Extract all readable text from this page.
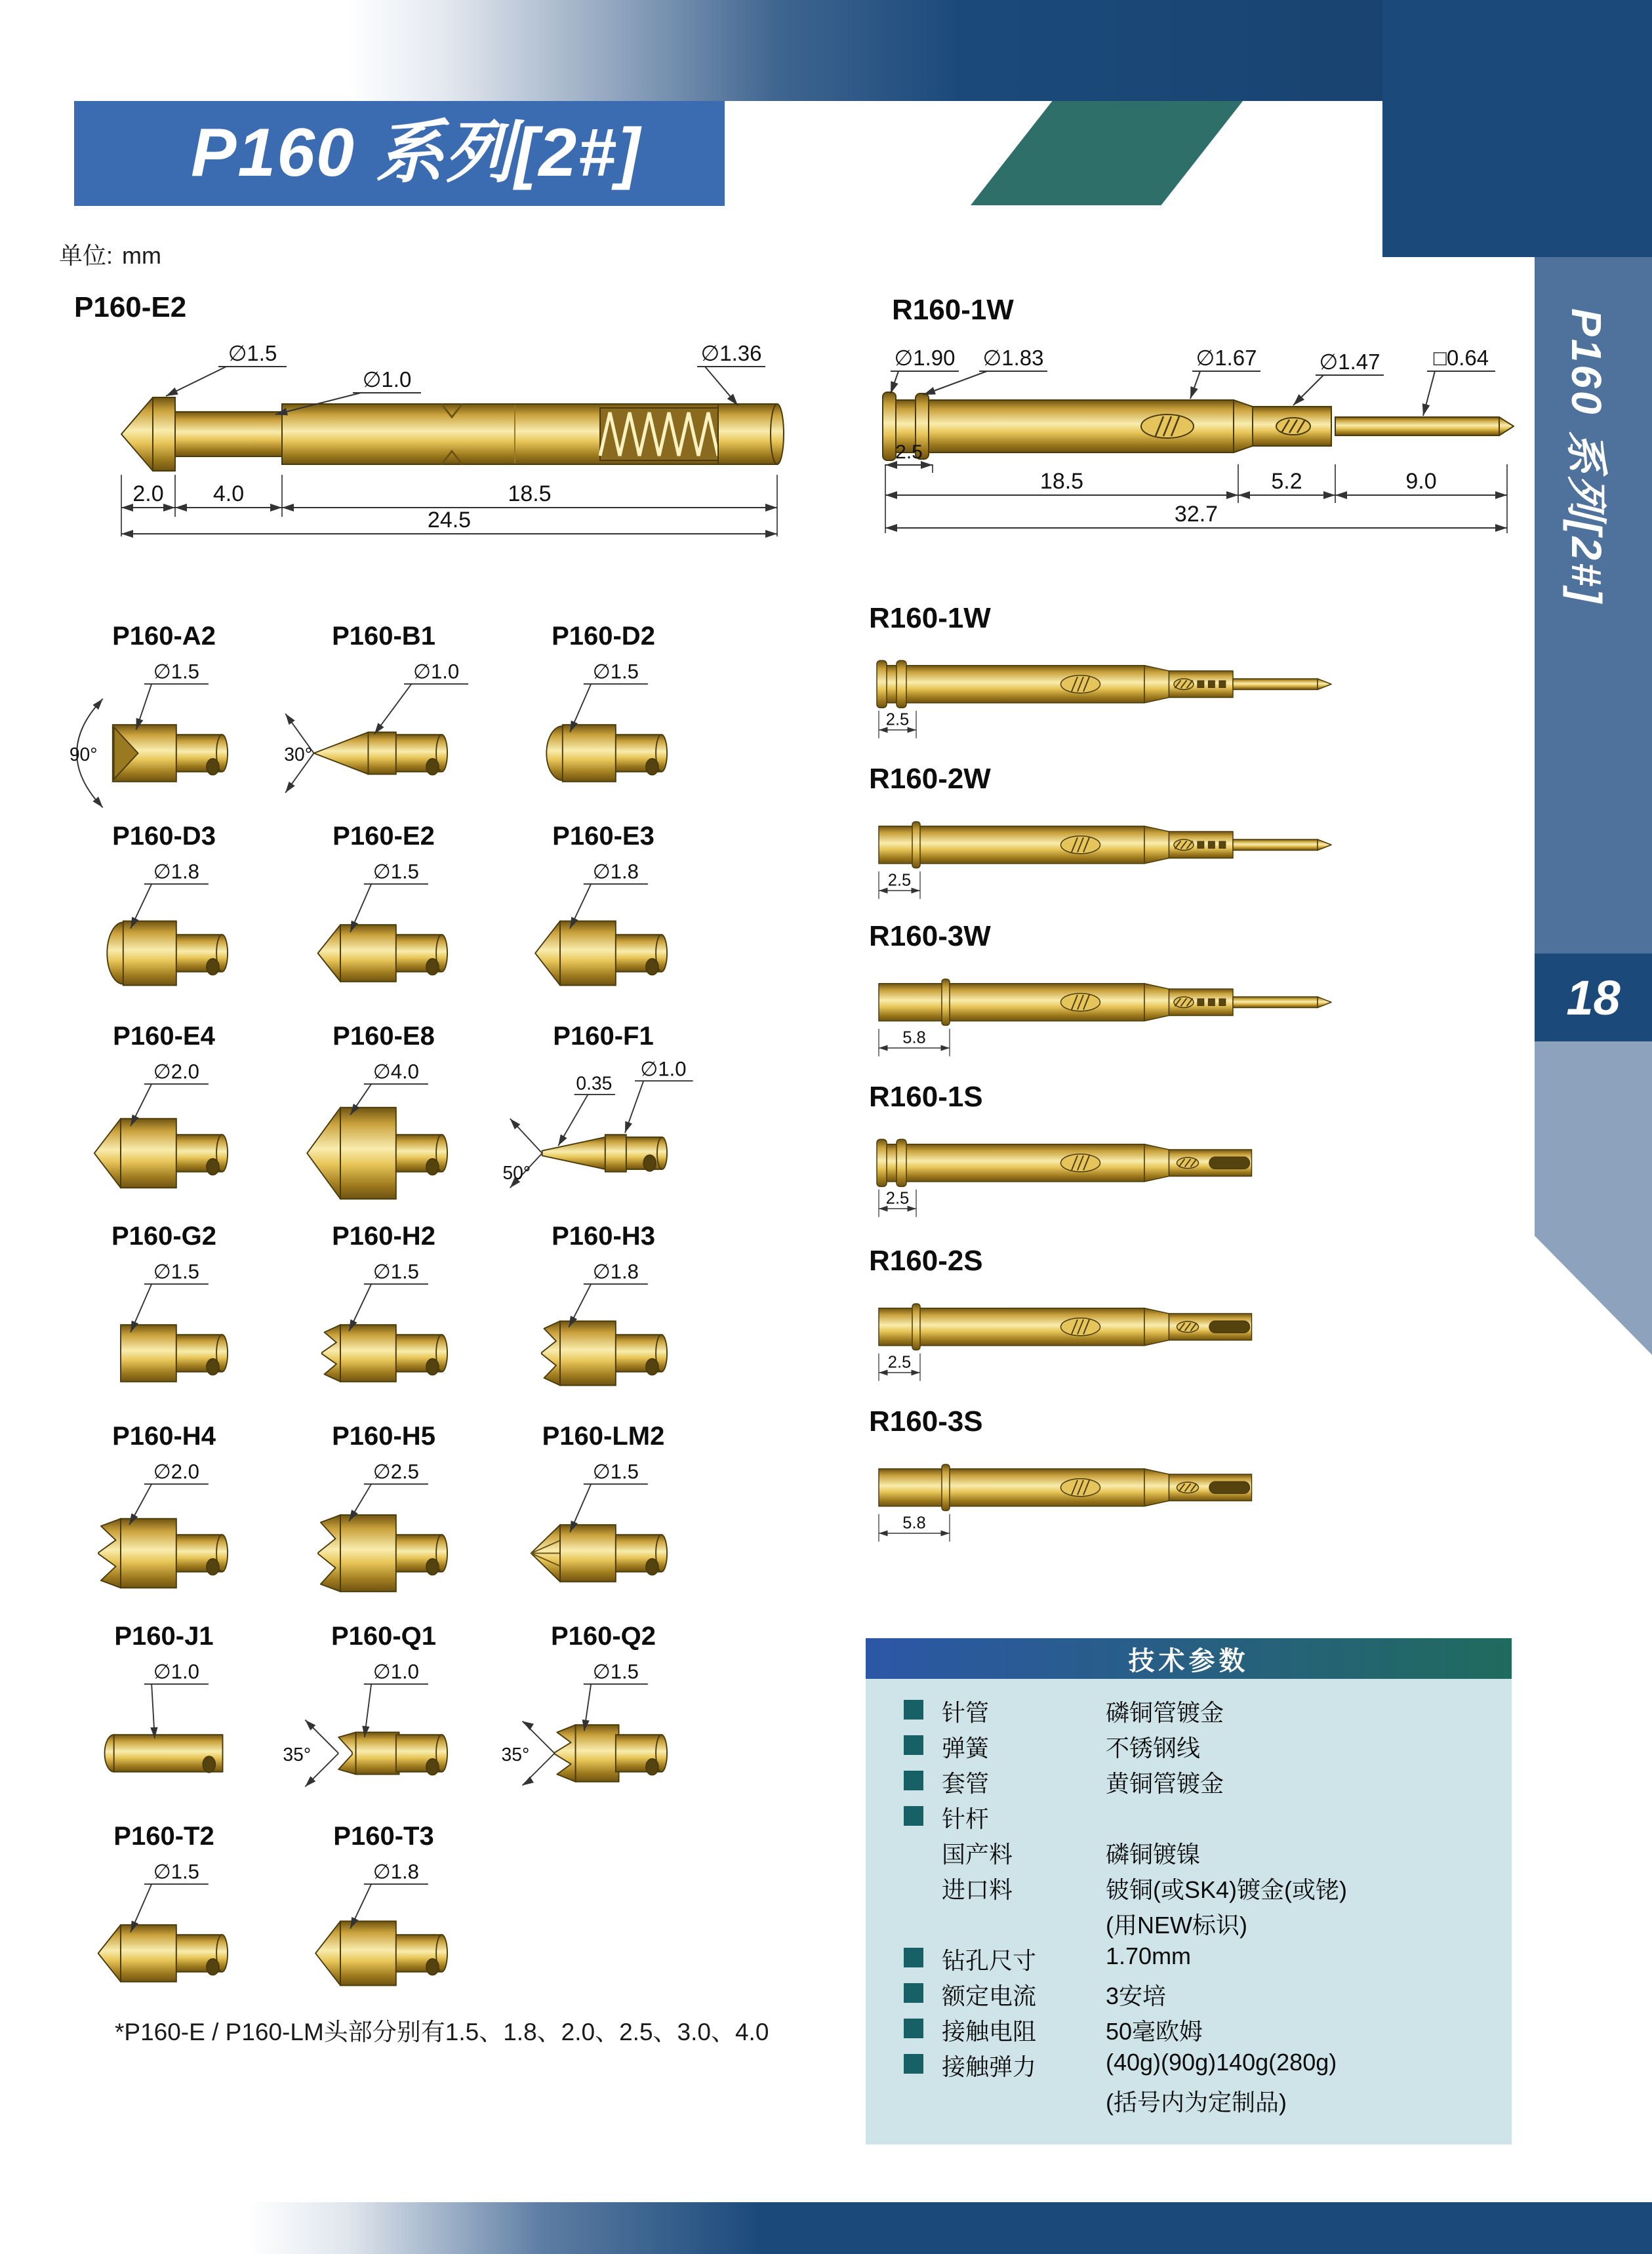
P160 系列[2#]
P160 系列[2#]
18
单位: mm
P160-E2
∅1.5
∅1.0
∅1.36
2.0 4.0	18.5
24.5
R160-1W
∅1.90 ∅1.83	∅1.67	∅1.47 □0.64
2.5
18.5	5.2	9.0
32.7
P160-A2
90°
∅1.5
P160-B1
30°
∅1.0
P160-D2
∅1.5
P160-D3
∅1.8
P160-E2
∅1.5
P160-E3
∅1.8
P160-E4
∅2.0
P160-E8
∅4.0
P160-F1
50°
0.35
∅1.0
P160-G2
∅1.5
P160-H2
∅1.5
P160-H3
∅1.8
P160-H4
∅2.0
P160-H5
∅2.5
P160-LM2
∅1.5
P160-J1
∅1.0
P160-Q1
35°
∅1.0
P160-Q2
35°
∅1.5
P160-T2
∅1.5
P160-T3
∅1.8
R160-1W
2.5
R160-2W
2.5
R160-3W
5.8
R160-1S
2.5
R160-2S
2.5
R160-3S
5.8
*P160-E / P160-LM头部分别有1.5、1.8、2.0、2.5、3.0、4.0
技术参数
针管	磷铜管镀金
弹簧	不锈钢线
套管	黄铜管镀金
针杆
国产料	磷铜镀镍
进口料	铍铜(或SK4)镀金(或铑)
(用NEW标识)
钻孔尺寸	1.70mm
额定电流	3安培
接触电阻	50毫欧姆
接触弹力	(40g)(90g)140g(280g)
(括号内为定制品)
